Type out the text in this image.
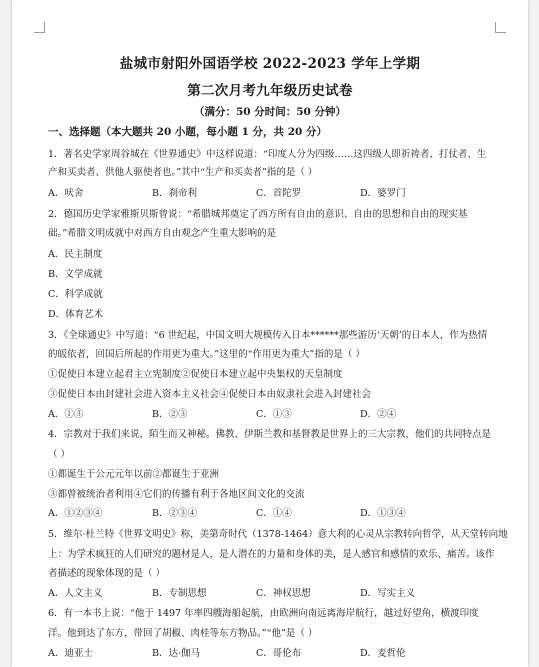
盐城市射阳外国语学校 2022-2023 学年上学期
第二次月考九年级历史试卷
（满分：50 分时间：50 分钟）
一、选择题（本大题共 20 小题，每小题 1 分，共 20 分）
1．著名史学家周谷城在《世界通史》中这样说道：“印度人分为四级……这四级人即祈祷者、打仗者、生
产和买卖者、供他人驱使者也。”其中“生产和买卖者”指的是（ ）
A．吠舍	B．刹帝利	C．首陀罗	D．婆罗门
2．德国历史学家雅斯贝斯曾说：“希腊城邦奠定了西方所有自由的意识、自由的思想和自由的现实基
础。”希腊文明成就中对西方自由观念产生重大影响的是
A．民主制度
B．文学成就
C．科学成就
D．体育艺术
3．《全球通史》中写道：“6 世纪起，中国文明大规模传入日本******那些游历‘天朝’的日本人，作为热情
的皈依者，回国后所起的作用更为重大。”这里的“作用更为重大”指的是（ ）
①促使日本建立起君主立宪制度②促使日本建立起中央集权的天皇制度
③促使日本由封建社会进入资本主义社会④促使日本由奴隶社会进入封建社会
A．①③	B．②③	C．①③	D．②④
4．宗教对于我们来说，陌生而又神秘。佛教、伊斯兰教和基督教是世界上的三大宗教，他们的共同特点是
（ ）
①都诞生于公元元年以前②都诞生于亚洲
③都曾被统治者利用④它们的传播有利于各地区间文化的交流
A．①②③④	B．②③④	C．①④	D．①③④
5．维尔·杜兰特《世界文明史》称，美第奇时代（1378-1464）意大利的心灵从宗教转向哲学，从天堂转向地
上：为学术疯狂的人们研究的题材是人，是人潜在的力量和身体的美，是人感官和感情的欢乐、痛苦。该作
者描述的现象体现的是（ ）
A．人文主义	B．专制思想	C．神权思想	D．写实主义
6．有一本书上说：“他于 1497 年率四艘海船起航，由欧洲向南远离海岸航行，越过好望角，横渡印度
洋。他到达了东方，带回了胡椒、肉桂等东方物品。”“他”是（ ）
A．迪亚士	B．达·伽马	C．哥伦布	D．麦哲伦
